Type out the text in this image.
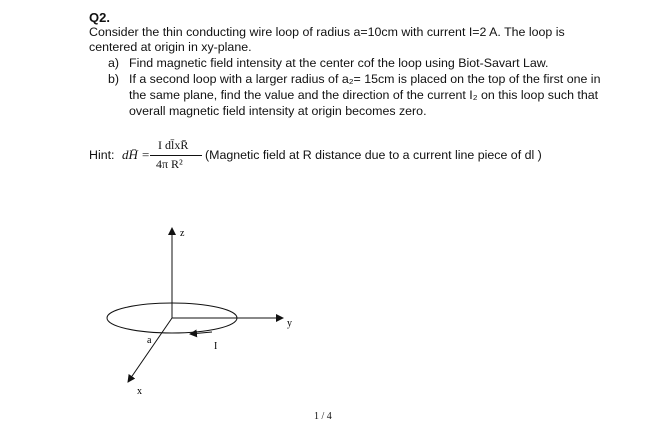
Q2.
Consider the thin conducting wire loop of radius a=10cm with current I=2 A. The loop is centered at origin in xy-plane.
a) Find magnetic field intensity at the center cof the loop using Biot-Savart Law.
b) If a second loop with a larger radius of a₂= 15cm is placed on the top of the first one in the same plane, find the value and the direction of the current I₂ on this loop such that overall magnetic field intensity at origin becomes zero.
Hint: dH̄ =
I dl̄xR̄
4π R²
(Magnetic field at R distance due to a current line piece of dl )
z
y
x
a
I
1 / 4
